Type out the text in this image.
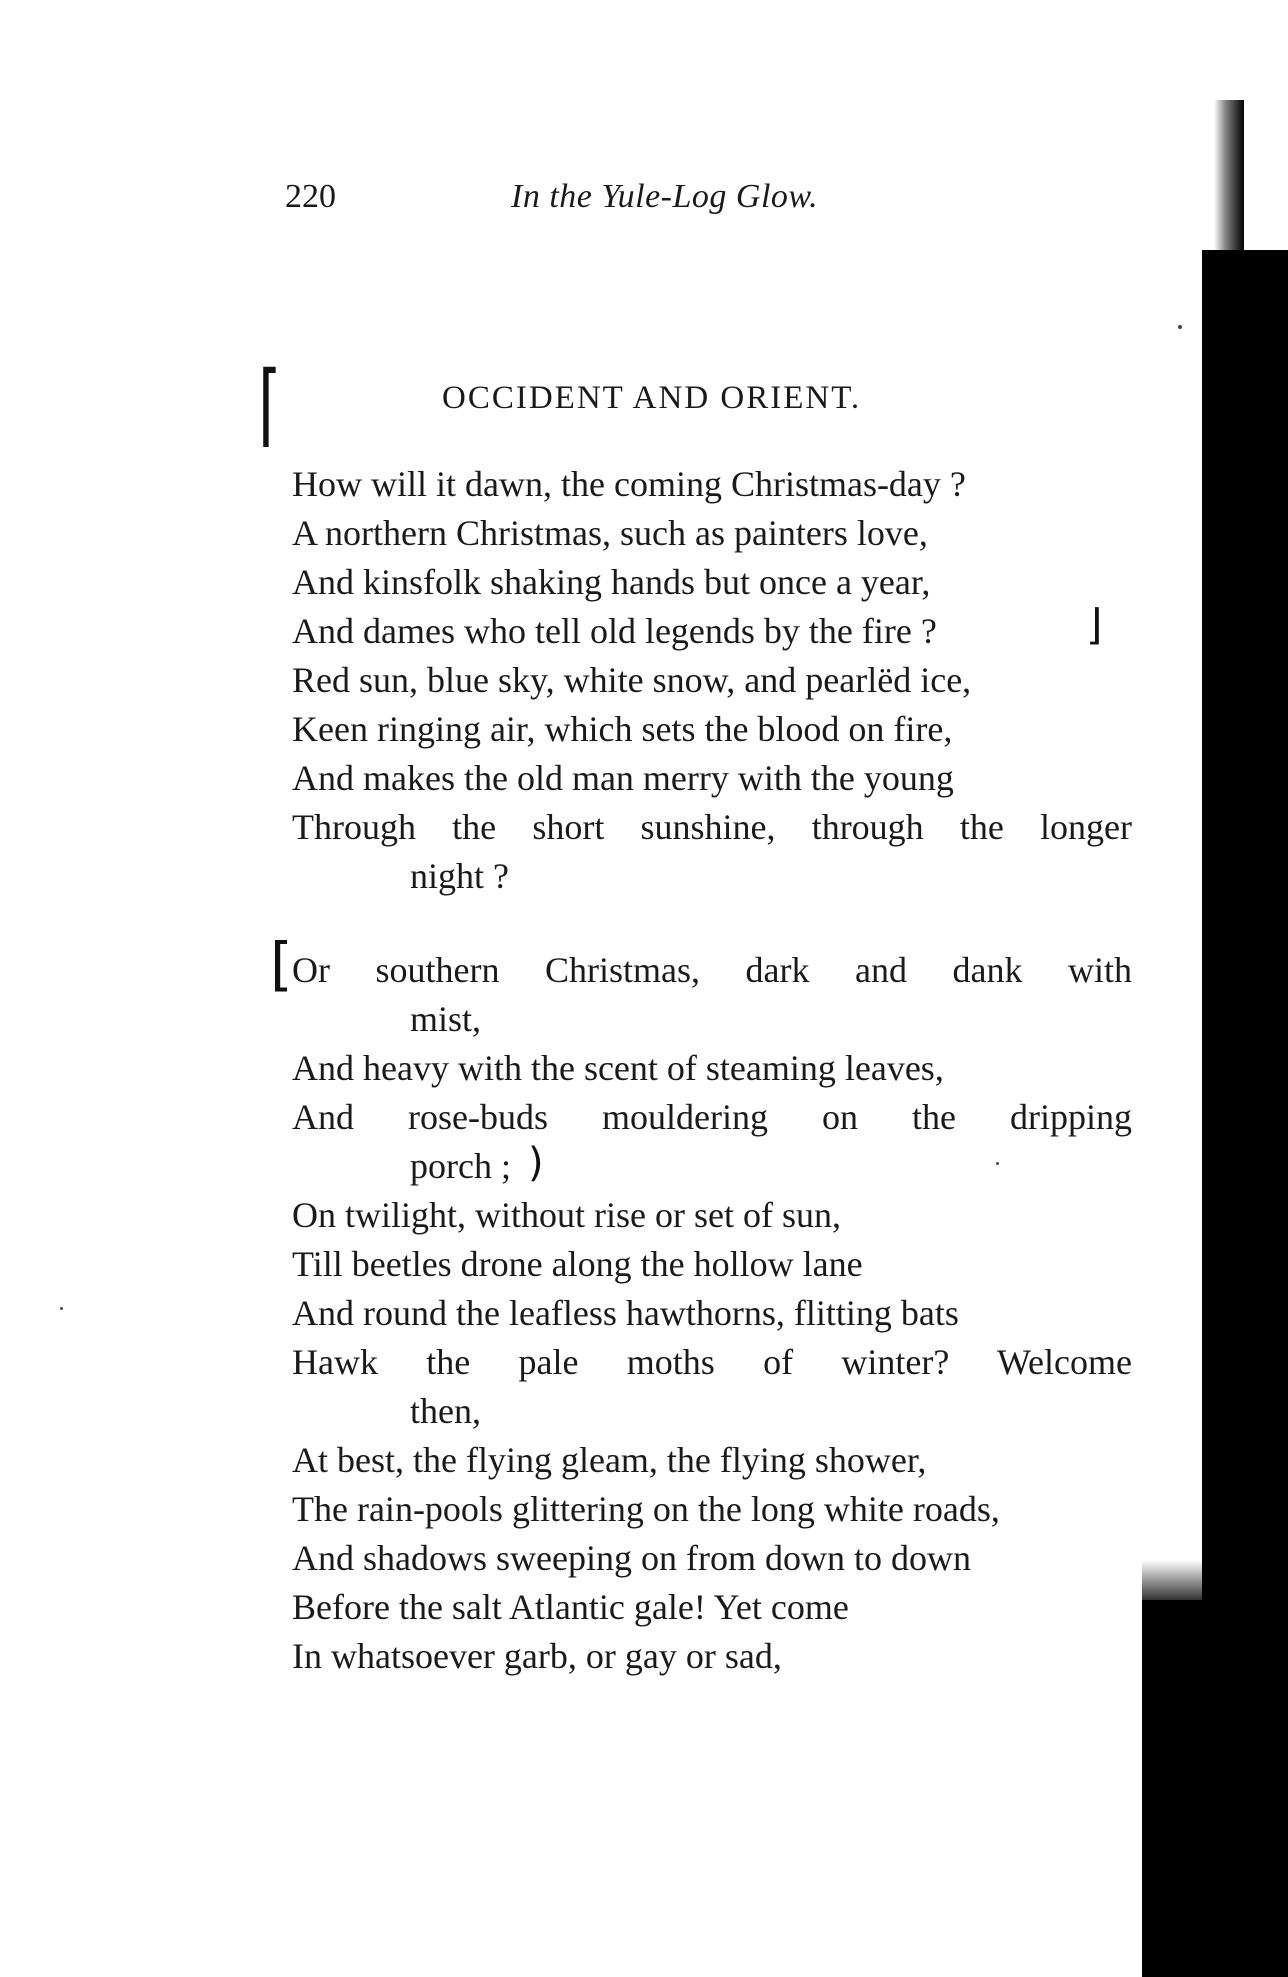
220	In the Yule-Log Glow.
⌈	OCCIDENT AND ORIENT.
How will it dawn, the coming Christmas-day ?
A northern Christmas, such as painters love,
And kinsfolk shaking hands but once a year,
And dames who tell old legends by the fire ?
Red sun, blue sky, white snow, and pearlëd ice,
Keen ringing air, which sets the blood on fire,
And makes the old man merry with the young
Through the short sunshine, through the longer
night ?
⌋
[ Or southern Christmas, dark and dank with
mist,
And heavy with the scent of steaming leaves,
And rose-buds mouldering on the dripping
porch ;
On twilight, without rise or set of sun,
Till beetles drone along the hollow lane
And round the leafless hawthorns, flitting bats
Hawk the pale moths of winter? Welcome
then,
At best, the flying gleam, the flying shower,
The rain-pools glittering on the long white roads,
And shadows sweeping on from down to down
Before the salt Atlantic gale! Yet come
In whatsoever garb, or gay or sad,
)
